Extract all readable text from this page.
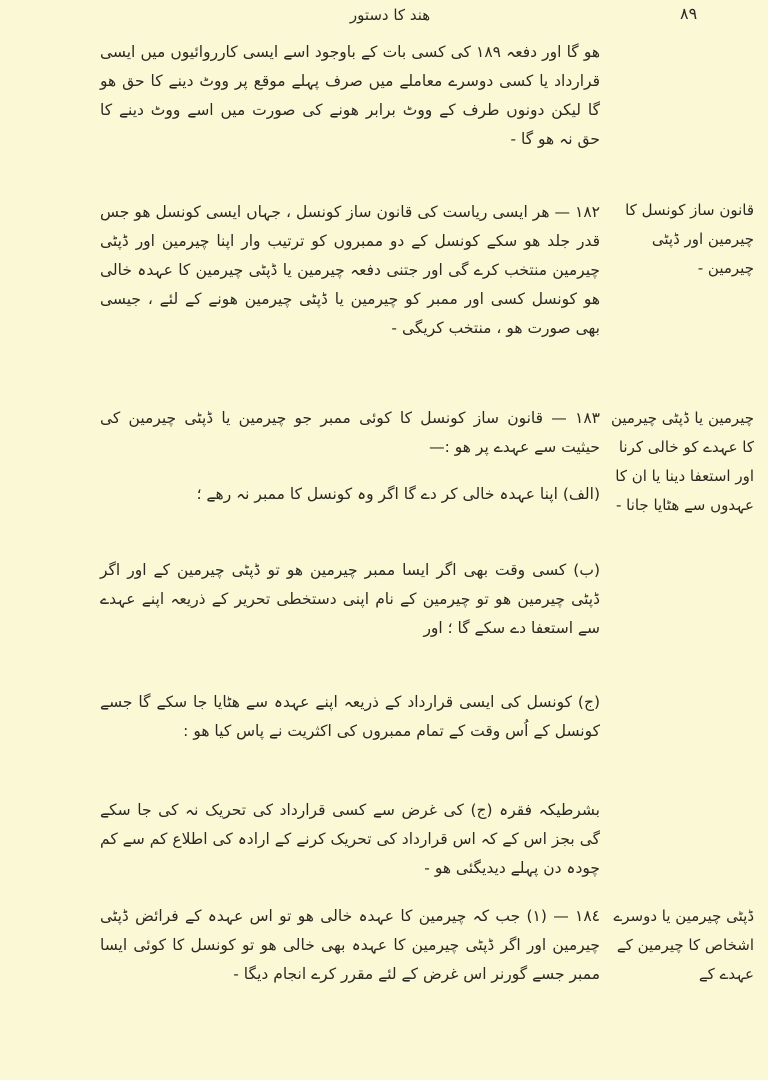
ھند کا دستور	٨٩

ھو گا اور دفعہ ١٨٩ کی کسی بات کے باوجود اسے ایسی کارروائیوں میں ایسی قرارداد یا کسی دوسرے معاملے میں صرف پہلے موقع پر ووٹ دینے کا حق ھو گا لیکن دونوں طرف کے ووٹ برابر ھونے کی صورت میں اسے ووٹ دینے کا حق نہ ھو گا -

قانون ساز کونسل کا چیرمین اور ڈپٹی چیرمین -

١٨٢ — ھر ایسی ریاست کی قانون ساز کونسل ، جہاں ایسی کونسل ھو جس قدر جلد ھو سکے کونسل کے دو ممبروں کو ترتیب وار اپنا چیرمین اور ڈپٹی چیرمین منتخب کرے گی اور جتنی دفعہ چیرمین یا ڈپٹی چیرمین کا عہدہ خالی ھو کونسل کسی اور ممبر کو چیرمین یا ڈپٹی چیرمین ھونے کے لئے ، جیسی بھی صورت ھو ، منتخب کریگی -

چیرمین یا ڈپٹی چیرمین کا عہدے کو خالی کرنا اور استعفا دینا یا ان کا عہدوں سے ھٹایا جانا -

١٨٣ — قانون ساز کونسل کا کوئی ممبر جو چیرمین یا ڈپٹی چیرمین کی حیثیت سے عہدے پر ھو :—

(الف) اپنا عہدہ خالی کر دے گا اگر وہ کونسل کا ممبر نہ رھے ؛

(ب) کسی وقت بھی اگر ایسا ممبر چیرمین ھو تو ڈپٹی چیرمین کے اور اگر ڈپٹی چیرمین ھو تو چیرمین کے نام اپنی دستخطی تحریر کے ذریعہ اپنے عہدے سے استعفا دے سکے گا ؛ اور

(ج) کونسل کی ایسی قرارداد کے ذریعہ اپنے عہدہ سے ھٹایا جا سکے گا جسے کونسل کے اُس وقت کے تمام ممبروں کی اکثریت نے پاس کیا ھو :

بشرطیکہ فقرہ (ج) کی غرض سے کسی قرارداد کی تحریک نہ کی جا سکے گی بجز اس کے کہ اس قرارداد کی تحریک کرنے کے ارادہ کی اطلاع کم سے کم چودہ دن پہلے دیدیگئی ھو -

ڈپٹی چیرمین یا دوسرے اشخاص کا چیرمین کے عہدے کے

١٨٤ — (١) جب کہ چیرمین کا عہدہ خالی ھو تو اس عہدہ کے فرائض ڈپٹی چیرمین اور اگر ڈپٹی چیرمین کا عہدہ بھی خالی ھو تو کونسل کا کوئی ایسا ممبر جسے گورنر اس غرض کے لئے مقرر کرے انجام دیگا -
